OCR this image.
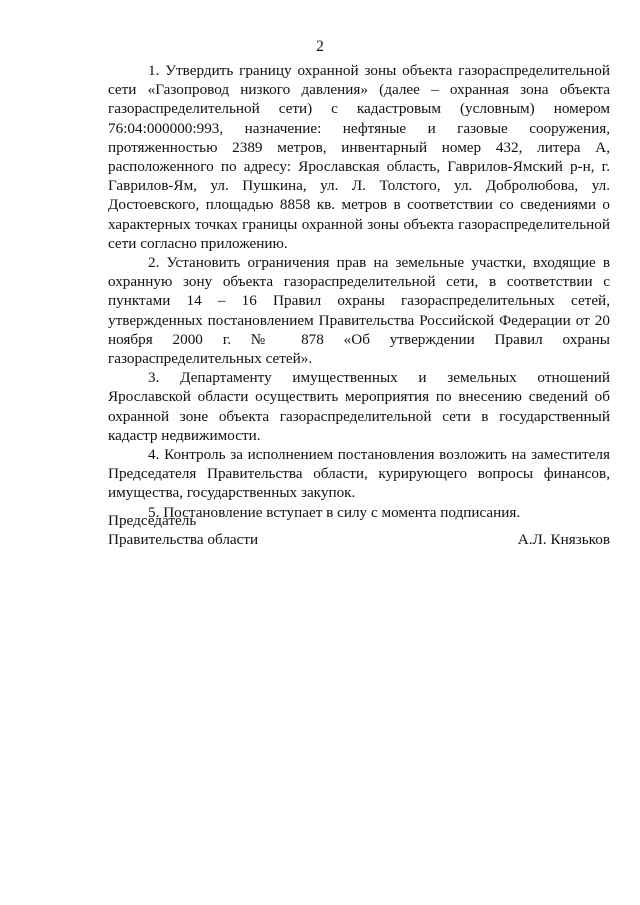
2

1. Утвердить границу охранной зоны объекта газораспределительной сети «Газопровод низкого давления» (далее – охранная зона объекта газораспределительной сети) с кадастровым (условным) номером 76:04:000000:993, назначение: нефтяные и газовые сооружения, протяженностью 2389 метров, инвентарный номер 432, литера А, расположенного по адресу: Ярославская область, Гаврилов-Ямский р-н, г. Гаврилов-Ям, ул. Пушкина, ул. Л. Толстого, ул. Добролюбова, ул. Достоевского, площадью 8858 кв. метров в соответствии со сведениями о характерных точках границы охранной зоны объекта газораспределительной сети согласно приложению.

2. Установить ограничения прав на земельные участки, входящие в охранную зону объекта газораспределительной сети, в соответствии с пунктами 14 – 16 Правил охраны газораспределительных сетей, утвержденных постановлением Правительства Российской Федерации от 20 ноября 2000 г. № 878 «Об утверждении Правил охраны газораспределительных сетей».

3. Департаменту имущественных и земельных отношений Ярославской области осуществить мероприятия по внесению сведений об охранной зоне объекта газораспределительной сети в государственный кадастр недвижимости.

4. Контроль за исполнением постановления возложить на заместителя Председателя Правительства области, курирующего вопросы финансов, имущества, государственных закупок.

5. Постановление вступает в силу с момента подписания.

Председатель
Правительства области	А.Л. Князьков
